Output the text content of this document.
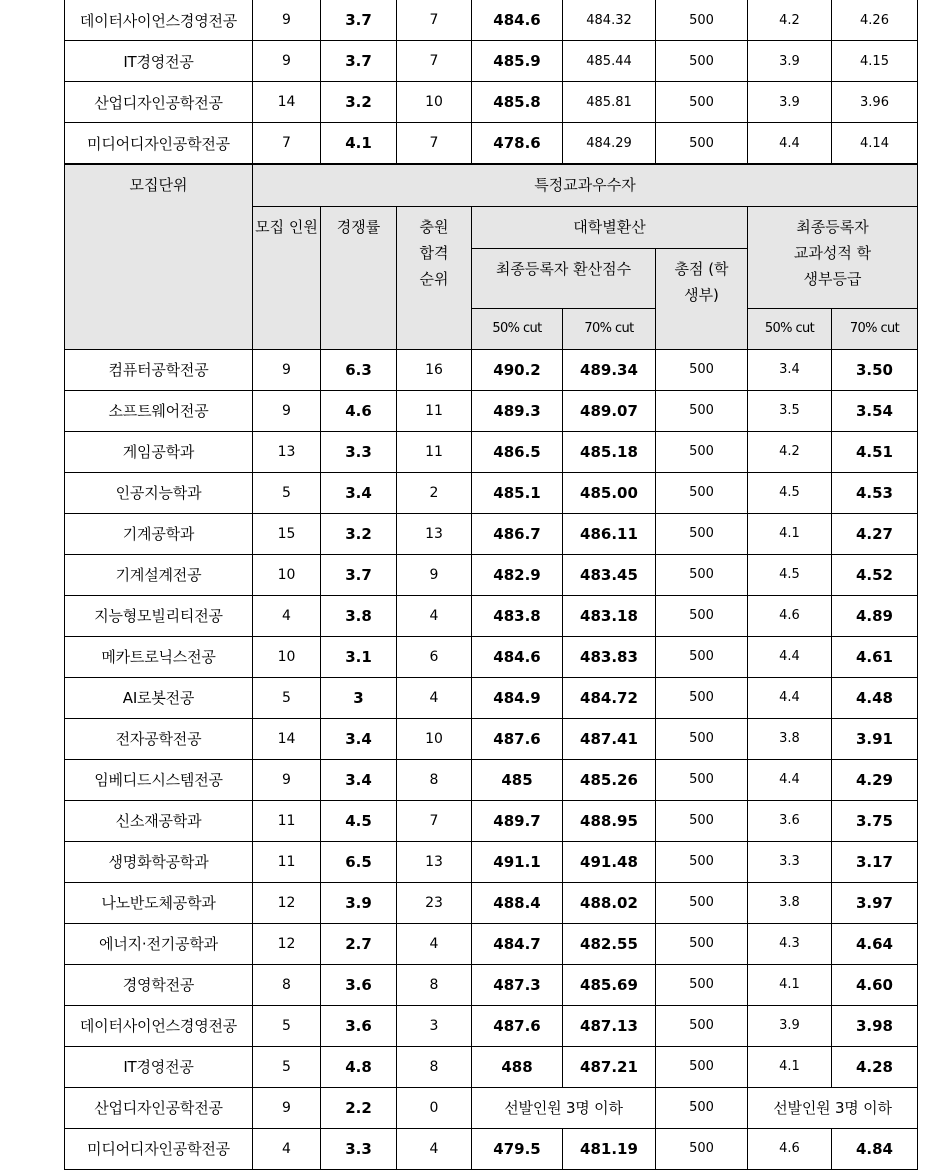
데이터사이언스경영전공	9	3.7	7	484.6	484.32	500	4.2	4.26
IT경영전공	9	3.7	7	485.9	485.44	500	3.9	4.15
산업디자인공학전공	14	3.2	10	485.8	485.81	500	3.9	3.96
미디어디자인공학전공	7	4.1	7	478.6	484.29	500	4.4	4.14
모집단위	특정교과우수자							
	모집 인원	경쟁률	충원 합격 순위	대학별환산			최종등록자 교과성적 학생부등급	
				최종등록자 환산점수		총점 (학생부)		
				50% cut	70% cut		50% cut	70% cut
컴퓨터공학전공	9	6.3	16	490.2	489.34	500	3.4	3.50
소프트웨어전공	9	4.6	11	489.3	489.07	500	3.5	3.54
게임공학과	13	3.3	11	486.5	485.18	500	4.2	4.51
인공지능학과	5	3.4	2	485.1	485.00	500	4.5	4.53
기계공학과	15	3.2	13	486.7	486.11	500	4.1	4.27
기계설계전공	10	3.7	9	482.9	483.45	500	4.5	4.52
지능형모빌리티전공	4	3.8	4	483.8	483.18	500	4.6	4.89
메카트로닉스전공	10	3.1	6	484.6	483.83	500	4.4	4.61
AI로봇전공	5	3	4	484.9	484.72	500	4.4	4.48
전자공학전공	14	3.4	10	487.6	487.41	500	3.8	3.91
임베디드시스템전공	9	3.4	8	485	485.26	500	4.4	4.29
신소재공학과	11	4.5	7	489.7	488.95	500	3.6	3.75
생명화학공학과	11	6.5	13	491.1	491.48	500	3.3	3.17
나노반도체공학과	12	3.9	23	488.4	488.02	500	3.8	3.97
에너지·전기공학과	12	2.7	4	484.7	482.55	500	4.3	4.64
경영학전공	8	3.6	8	487.3	485.69	500	4.1	4.60
데이터사이언스경영전공	5	3.6	3	487.6	487.13	500	3.9	3.98
IT경영전공	5	4.8	8	488	487.21	500	4.1	4.28
산업디자인공학전공	9	2.2	0	선발인원 3명 이하		500	선발인원 3명 이하	
미디어디자인공학전공	4	3.3	4	479.5	481.19	500	4.6	4.84
